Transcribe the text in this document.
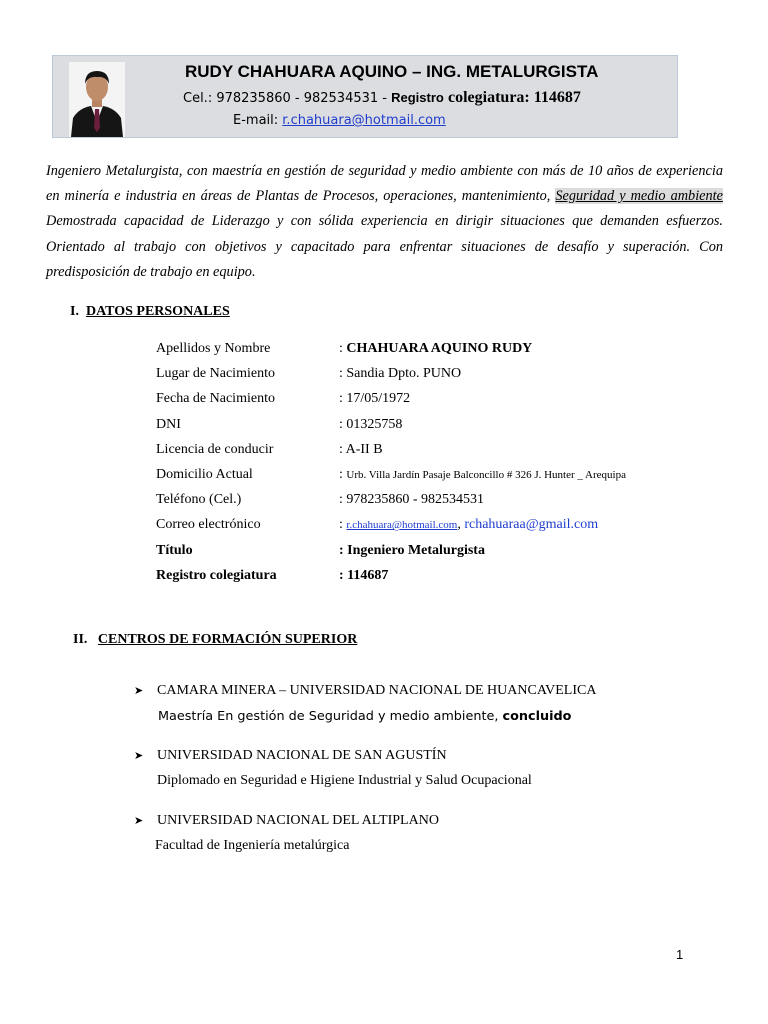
RUDY CHAHUARA AQUINO – ING. METALURGISTA
Cel.: 978235860 - 982534531 - Registro colegiatura: 114687
E-mail: r.chahuara@hotmail.com
Ingeniero Metalurgista, con maestría en gestión de seguridad y medio ambiente con más de 10 años de experiencia en minería e industria en áreas de Plantas de Procesos, operaciones, mantenimiento, Seguridad y medio ambiente Demostrada capacidad de Liderazgo y con sólida experiencia en dirigir situaciones que demanden esfuerzos. Orientado al trabajo con objetivos y capacitado para enfrentar situaciones de desafío y superación. Con predisposición de trabajo en equipo.
I. DATOS PERSONALES
Apellidos y Nombre	: CHAHUARA AQUINO RUDY
Lugar de Nacimiento	: Sandia Dpto. PUNO
Fecha de Nacimiento	: 17/05/1972
DNI	: 01325758
Licencia de conducir	: A-II B
Domicilio Actual	: Urb. Villa Jardín Pasaje Balconcillo # 326 J. Hunter _ Arequipa
Teléfono (Cel.)	: 978235860 - 982534531
Correo electrónico	: r.chahuara@hotmail.com, rchahuaraa@gmail.com
Título	: Ingeniero Metalurgista
Registro colegiatura	: 114687
II. CENTROS DE FORMACIÓN SUPERIOR
➤ CAMARA MINERA – UNIVERSIDAD NACIONAL DE HUANCAVELICA
Maestría En gestión de Seguridad y medio ambiente, concluido
➤ UNIVERSIDAD NACIONAL DE SAN AGUSTÍN
Diplomado en Seguridad e Higiene Industrial y Salud Ocupacional
➤ UNIVERSIDAD NACIONAL DEL ALTIPLANO
Facultad de Ingeniería metalúrgica
1
